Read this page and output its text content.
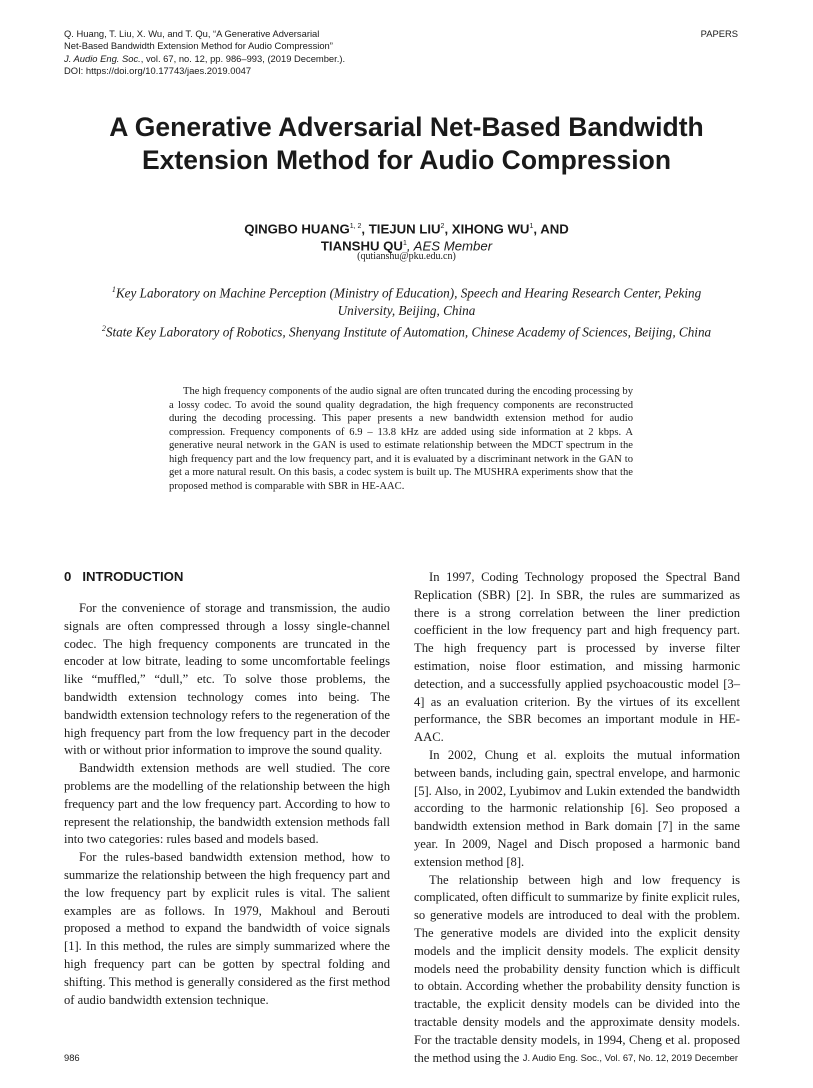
Q. Huang, T. Liu, X. Wu, and T. Qu, “A Generative Adversarial
Net-Based Bandwidth Extension Method for Audio Compression”
J. Audio Eng. Soc., vol. 67, no. 12, pp. 986–993, (2019 December.).
DOI: https://doi.org/10.17743/jaes.2019.0047
PAPERS
A Generative Adversarial Net-Based Bandwidth
Extension Method for Audio Compression
QINGBO HUANG$^{1, 2}$, TIEJUN LIU$^2$, XIHONG $WU^1$, AND
TIANSHU $QU^1$, AES Member
(qutianshu@pku.edu.cn)
$^1$Key Laboratory on Machine Perception (Ministry of Education), Speech and Hearing Research Center, Peking
University, Beijing, China
$^2$State Key Laboratory of Robotics, Shenyang Institute of Automation, Chinese Academy of Sciences, Beijing, China

The high frequency components of the audio signal are often truncated during the encoding processing by a lossy codec. To avoid the sound quality degradation, the high frequency components are reconstructed during the decoding processing. This paper presents a new bandwidth extension method for audio compression. Frequency components of 6.9 – 13.8 kHz are added using side information at 2 kbps. A generative neural network in the GAN is used to estimate relationship between the MDCT spectrum in the high frequency part and the low frequency part, and it is evaluated by a discriminant network in the GAN to get a more natural result. On this basis, a codec system is built up. The MUSHRA experiments show that the proposed method is comparable with SBR in HE-AAC.

0 INTRODUCTION

For the convenience of storage and transmission, the audio signals are often compressed through a lossy single-channel codec. The high frequency components are truncated in the encoder at low bitrate, leading to some uncomfortable feelings like “muffled,” “dull,” etc. To solve those problems, the bandwidth extension technology comes into being. The bandwidth extension technology refers to the regeneration of the high frequency part from the low frequency part in the decoder with or without prior information to improve the sound quality.

Bandwidth extension methods are well studied. The core problems are the modelling of the relationship between the high frequency part and the low frequency part. According to how to represent the relationship, the bandwidth extension methods fall into two categories: rules based and models based.

For the rules-based bandwidth extension method, how to summarize the relationship between the high frequency part and the low frequency part by explicit rules is vital. The salient examples are as follows. In 1979, Makhoul and Berouti proposed a method to expand the bandwidth of voice signals [1]. In this method, the rules are simply summarized where the high frequency part can be gotten by spectral folding and shifting. This method is generally considered as the first method of audio bandwidth extension technique.

In 1997, Coding Technology proposed the Spectral Band Replication (SBR) [2]. In SBR, the rules are summarized as there is a strong correlation between the liner prediction coefficient in the low frequency part and high frequency part. The high frequency part is processed by inverse filter estimation, noise floor estimation, and missing harmonic detection, and a successfully applied psychoacoustic model [3–4] as an evaluation criterion. By the virtues of its excellent performance, the SBR becomes an important module in HE-AAC.

In 2002, Chung et al. exploits the mutual information between bands, including gain, spectral envelope, and harmonic [5]. Also, in 2002, Lyubimov and Lukin extended the bandwidth according to the harmonic relationship [6]. Seo proposed a bandwidth extension method in Bark domain [7] in the same year. In 2009, Nagel and Disch proposed a harmonic band extension method [8].

The relationship between high and low frequency is complicated, often difficult to summarize by finite explicit rules, so generative models are introduced to deal with the problem. The generative models are divided into the explicit density models and the implicit density models. The explicit density models need the probability density function which is difficult to obtain. According whether the probability density function is tractable, the explicit density models can be divided into the tractable density models and the approximate density models. For the tractable density models, in 1994, Cheng et al. proposed the method using the

986	J. Audio Eng. Soc., Vol. 67, No. 12, 2019 December
